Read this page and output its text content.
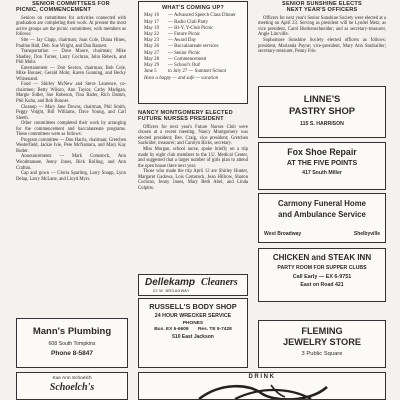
SENIOR COMMITTEES FOR
PICNIC, COMMENCEMENT

Seniors on committees for activities connected with graduation are completing their work. At present the most active groups are the picnic committees, with members as follows:

Site — Jay Clapp, chairman; Joan Cole, Diana Hines, Pauline Hall, Deb. Sue Wright, and Dan Barnett.

Transportation — Dave Moore, chairman; Mike Shadley, Don Turner, Larry Cochran, John Rebeck, and Phil Mohr.

Entertainment — Don Sexton, chairman; Bob Cole, Mike Bonner, Gerald Mohr, Karen Gunning, and Becky Whisenand.

Food — Shirley McNew and Steve Laurence, co-chairmen; Betty Wilson, Ann Taylor, Cathy Madigan, Margie Sidler, Sue Robeson, Tina Rader, Rich Damm, Phil Kuhn, and Bob Bonner.

Cleanup — Mary Jane Downs, chairman, Phil Smith, Peggy Voight, Bill Williams, Dave Young, and Carl Sleeth.

Other committees completed their work by arranging for the commencement and baccalaureate programs. These committees were as follows:

Program committee — Don Harris, chairman; Gretchen Westerfield, Jackie Ivie, Pete McNamara, and Mary Kay Butler.

Announcements — Mark Comstock, Ann Woodmansee, Jenny Jones, Rick Rolling, and Ann Crafton.

Cap and gown — Gloria Sparling, Larry Snapp, Lynn Delap, Larry McLane, and Lloyd Myrs.

Mann's Plumbing
608 South Tompkins
Phone 8-5847
Sue Ann Schoelch
Schoelch's
WHAT'S COMING UP?
May 16 — Advanced Speech Class Dinner
May 17 — Radio Club Party
May 19 — Hi-Y, Y-Club Picnic
May 22 — Future Picnic
May 23 — Award Day
May 26 — Baccalaureate services
May 27 — Senior Picnic
May 28 — Commencement
May 29 — School's Out!
June 5 to July 27 — Summer School
Have a happy — and safe — vacation
NANCY MONTGOMERY ELECTED FUTURE NURSES PRESIDENT

Officers for next year's Future Nurses Club were chosen at a recent meeting. Nancy Montgomery was elected president; Bev. Craig, vice president; Gretchen Sackrider, treasurer; and Carolyn Ricks, secretary.

Miss Morgan, school nurse, spoke briefly on a trip made by eight club members to the I.U. Medical Center, and suggested that a larger number of girls plan to attend the open house there next year.

Those who made the trip April 12 are Shirley Hunter, Margaret Gadowa, Lois Comstock, Jean Hillrow, Sharon Cochran, Jenny Jones, Mary Beth Abel, and Linda Colpitts.

Dellekamp Cleaners
22 W. BROADWAY
RUSSELL'S BODY SHOP
24 HOUR WRECKER SERVICE
PHONES
Bus. EX 6-6609 Res. TE 5-7428
510 East Jackson
SENIOR SUNSHINE ELECTS
NEXT YEAR'S OFFICERS

Officers for next year's Senior Sunshine Society were elected at a meeting on April 23. Serving as president will be Lyndel Metz; as vice president, Carol Bierkenschneider; and as secretary-treasurer, Angie Lincville.

Sophomore Sunshine Society elected officers as follows: president, Marianda Payne; vice-president, Mary Ann Studrailler; secretary-treasurer, Penny Frie.

LINNE'S
PASTRY SHOP
115 S. HARRISON
Fox Shoe Repair
AT THE FIVE POINTS
417 South Miller
Carmony Funeral Home
and Ambulance Service
West Broadway	Shelbyville
CHICKEN and STEAK INN
PARTY ROOM FOR SUPPER CLUBS
Call Early — EX 6-9751
East on Road 421
FLEMING
JEWELRY STORE
3 Public Square
DRINK
